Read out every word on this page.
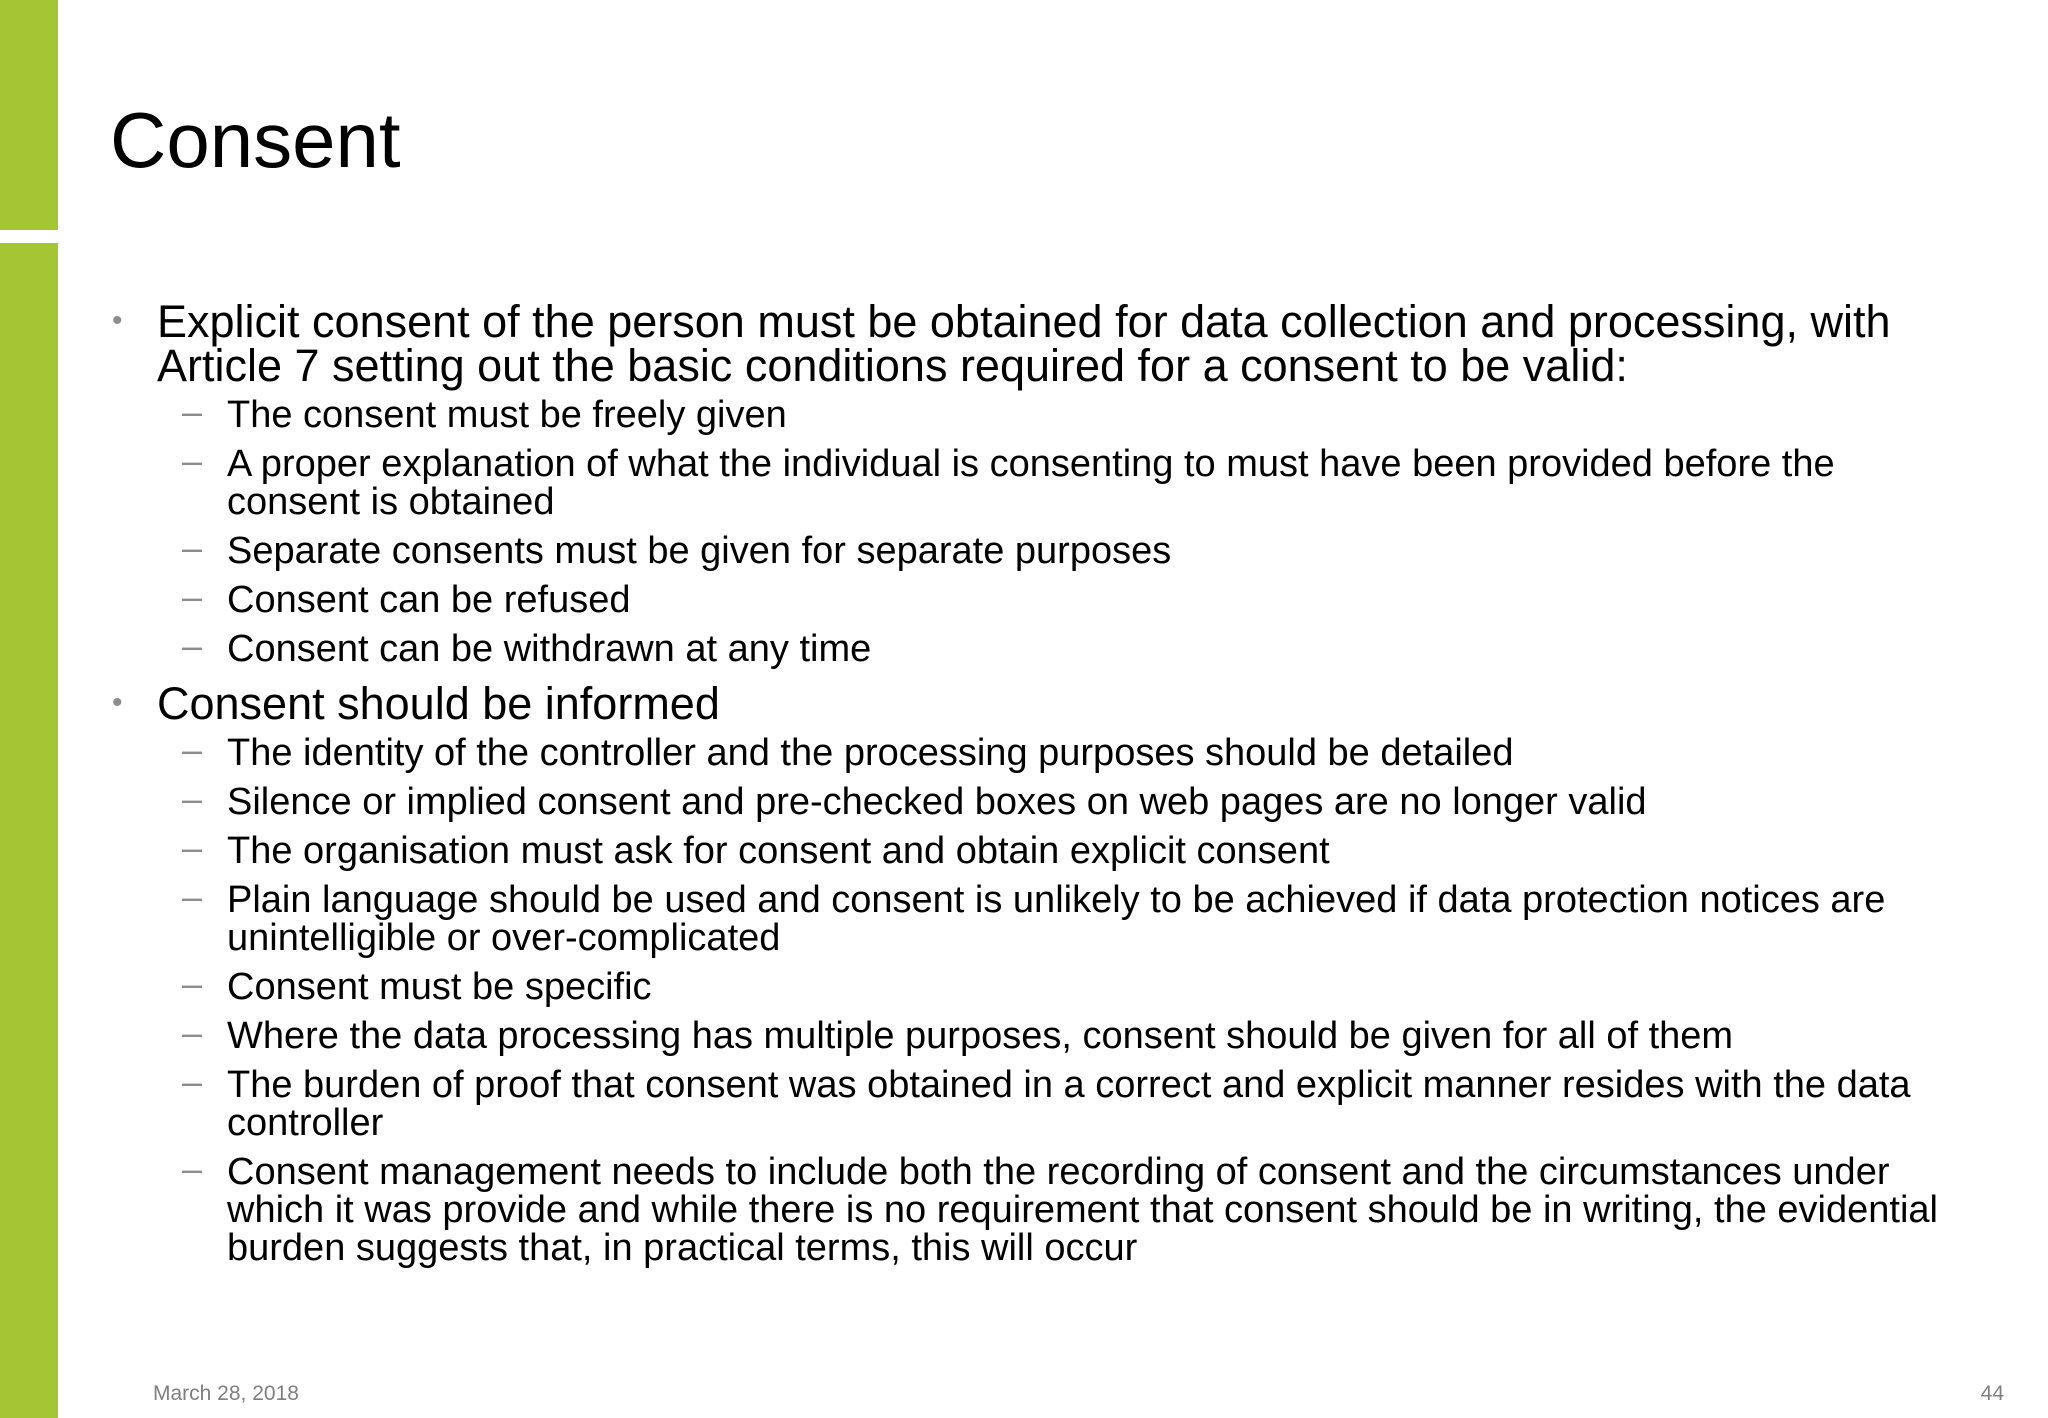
Consent
• Explicit consent of the person must be obtained for data collection and processing, with Article 7 setting out the basic conditions required for a consent to be valid:
– The consent must be freely given
– A proper explanation of what the individual is consenting to must have been provided before the consent is obtained
– Separate consents must be given for separate purposes
– Consent can be refused
– Consent can be withdrawn at any time
• Consent should be informed
– The identity of the controller and the processing purposes should be detailed
– Silence or implied consent and pre-checked boxes on web pages are no longer valid
– The organisation must ask for consent and obtain explicit consent
– Plain language should be used and consent is unlikely to be achieved if data protection notices are unintelligible or over-complicated
– Consent must be specific
– Where the data processing has multiple purposes, consent should be given for all of them
– The burden of proof that consent was obtained in a correct and explicit manner resides with the data controller
– Consent management needs to include both the recording of consent and the circumstances under which it was provide and while there is no requirement that consent should be in writing, the evidential burden suggests that, in practical terms, this will occur
March 28, 2018	44
